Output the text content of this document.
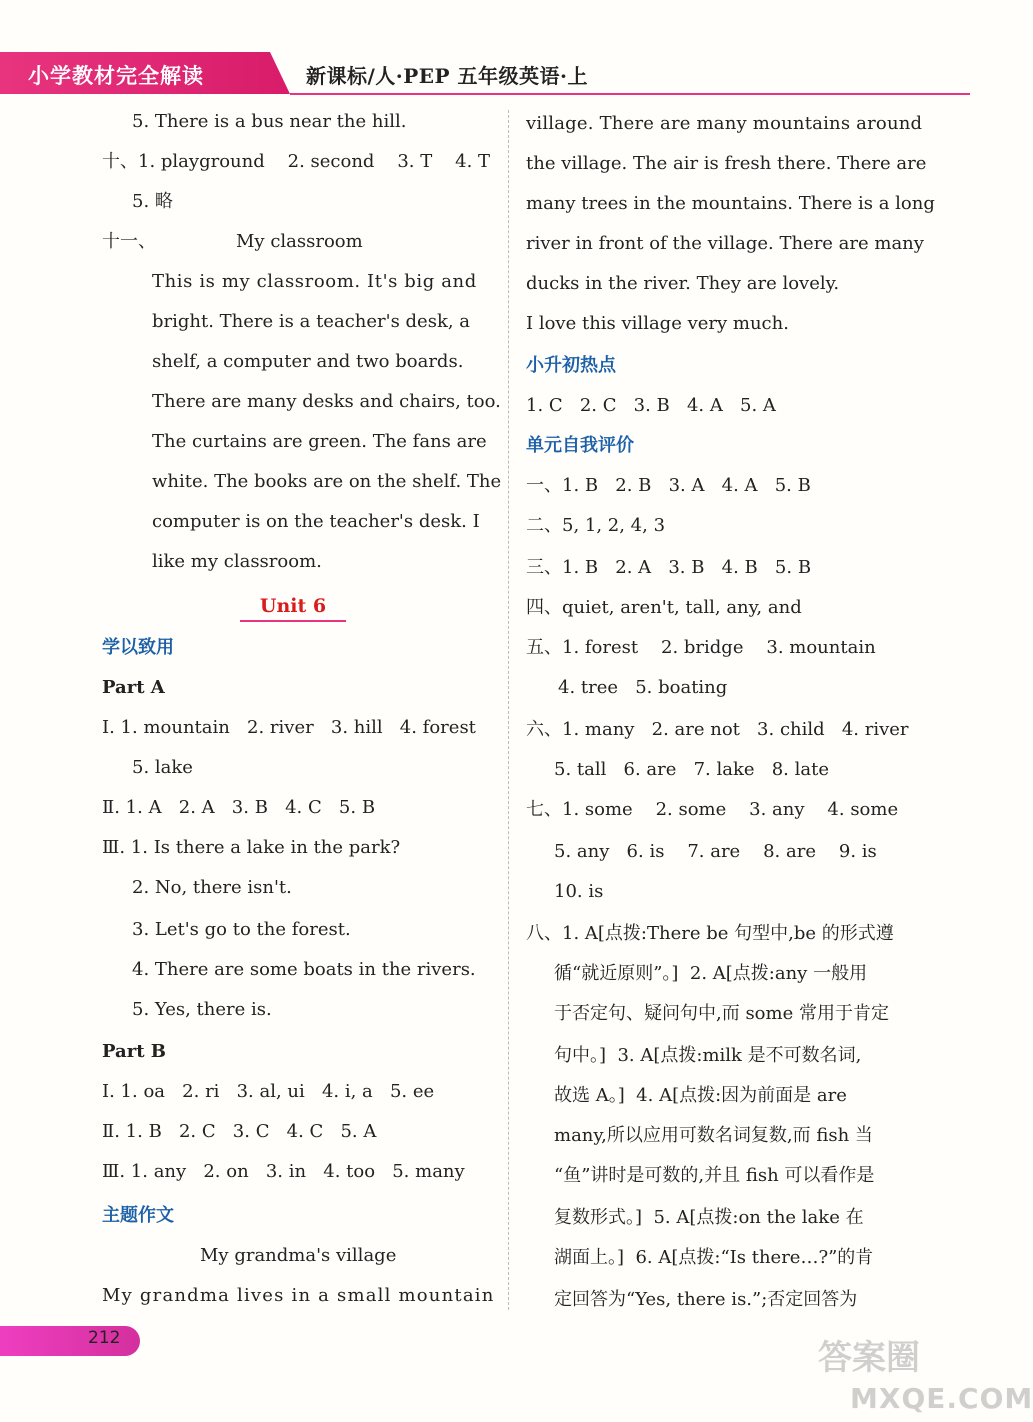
小学教材完全解读	新课标/人·PEP 五年级英语·上
5. There is a bus near the hill.
十、1. playground    2. second    3. T    4. T
5. 略
十一、	My classroom
This is my classroom. It's big and
bright. There is a teacher's desk, a
shelf, a computer and two boards.
There are many desks and chairs, too.
The curtains are green. The fans are
white. The books are on the shelf. The
computer is on the teacher's desk. I
like my classroom.
Unit 6
学以致用
Part A
Ⅰ. 1. mountain   2. river   3. hill   4. forest
5. lake
Ⅱ. 1. A   2. A   3. B   4. C   5. B
Ⅲ. 1. Is there a lake in the park?
2. No, there isn't.
3. Let's go to the forest.
4. There are some boats in the rivers.
5. Yes, there is.
Part B
Ⅰ. 1. oa   2. ri   3. al, ui   4. i, a   5. ee
Ⅱ. 1. B   2. C   3. C   4. C   5. A
Ⅲ. 1. any   2. on   3. in   4. too   5. many
主题作文
My grandma's village
My grandma lives in a small mountain
village. There are many mountains around
the village. The air is fresh there. There are
many trees in the mountains. There is a long
river in front of the village. There are many
ducks in the river. They are lovely.
I love this village very much.
小升初热点
1. C   2. C   3. B   4. A   5. A
单元自我评价
一、1. B   2. B   3. A   4. A   5. B
二、5, 1, 2, 4, 3
三、1. B   2. A   3. B   4. B   5. B
四、quiet, aren't, tall, any, and
五、1. forest    2. bridge    3. mountain
4. tree   5. boating
六、1. many   2. are not   3. child   4. river
5. tall   6. are   7. lake   8. late
七、1. some    2. some    3. any    4. some
5. any   6. is    7. are    8. are    9. is
10. is
八、1. A[点拨:There be 句型中,be 的形式遵
循“就近原则”。]  2. A[点拨:any 一般用
于否定句、疑问句中,而 some 常用于肯定
句中。]  3. A[点拨:milk 是不可数名词,
故选 A。]  4. A[点拨:因为前面是 are
many,所以应用可数名词复数,而 fish 当
“鱼”讲时是可数的,并且 fish 可以看作是
复数形式。]  5. A[点拨:on the lake 在
湖面上。]  6. A[点拨:“Is there…?”的肯
定回答为“Yes, there is.”;否定回答为
212	答案圈
MXQE.COM
